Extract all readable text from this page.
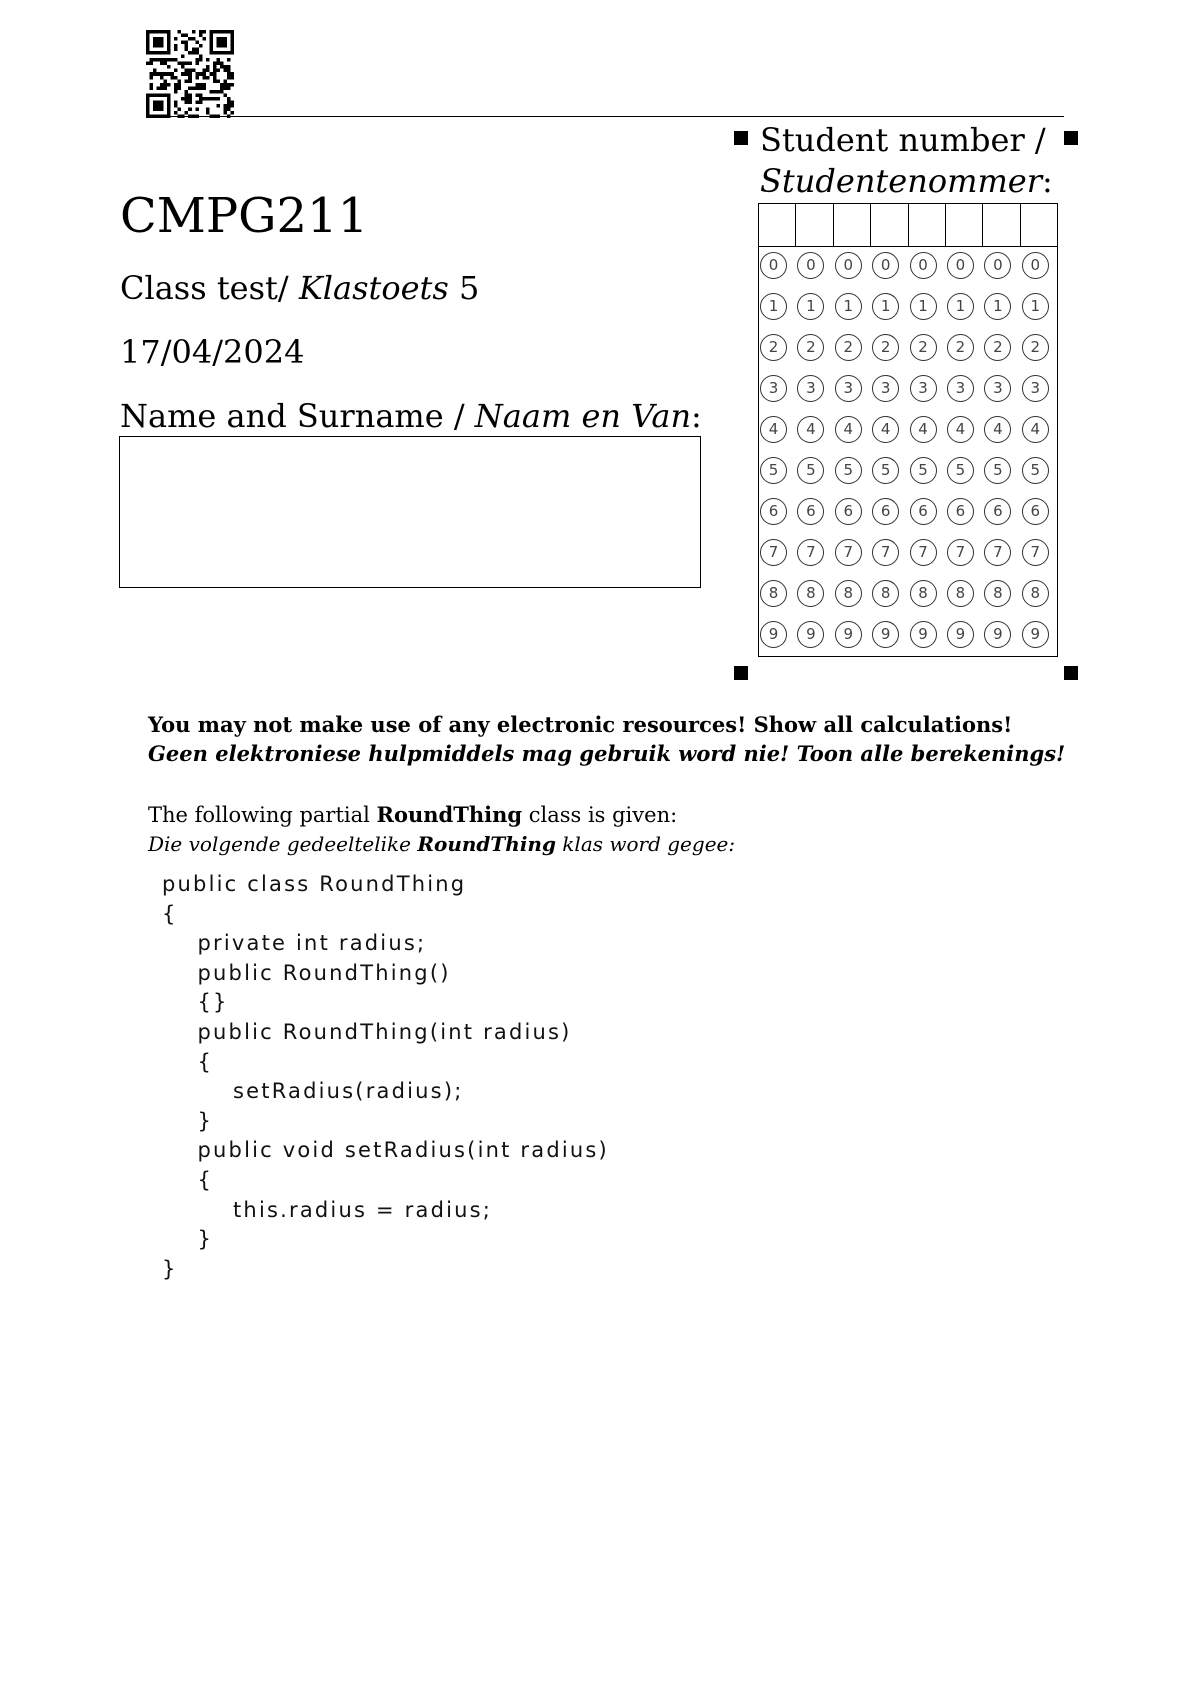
CMPG211
Class test/ Klastoets 5
17/04/2024
Name and Surname / Naam en Van:
Student number /
Studentenommer:
0	0	0	0	0	0	0	0
1	1	1	1	1	1	1	1
2	2	2	2	2	2	2	2
3	3	3	3	3	3	3	3
4	4	4	4	4	4	4	4
5	5	5	5	5	5	5	5
6	6	6	6	6	6	6	6
7	7	7	7	7	7	7	7
8	8	8	8	8	8	8	8
9	9	9	9	9	9	9	9
You may not make use of any electronic resources! Show all calculations!
Geen elektroniese hulpmiddels mag gebruik word nie! Toon alle berekenings!
The following partial RoundThing class is given:
Die volgende gedeeltelike RoundThing klas word gegee:
public class RoundThing
{
private int radius;
public RoundThing()
{}
public RoundThing(int radius)
{
setRadius(radius);
}
public void setRadius(int radius)
{
this.radius = radius;
}
}
